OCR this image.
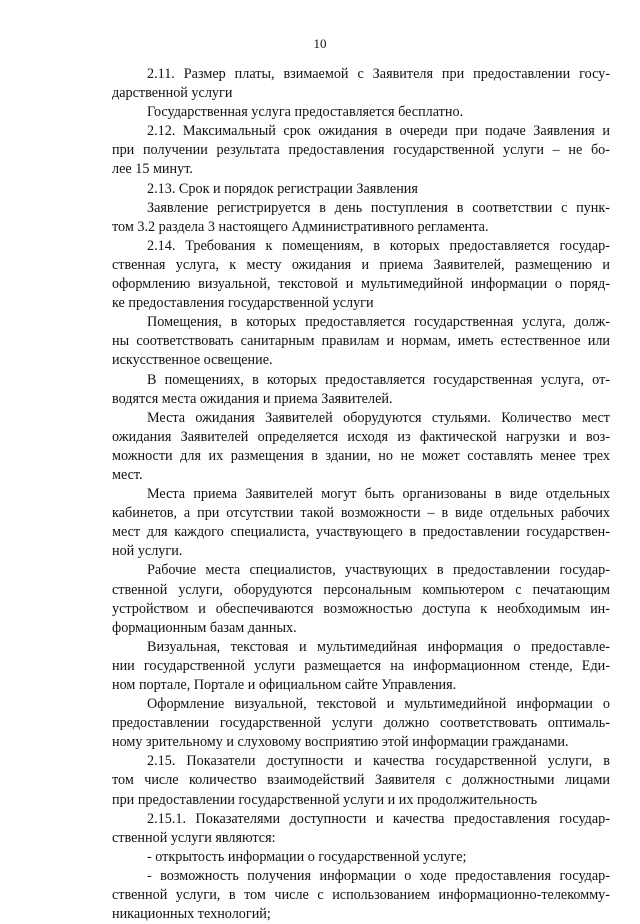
10
2.11. Размер платы, взимаемой с Заявителя при предоставлении госу-
дарственной услуги
Государственная услуга предоставляется бесплатно.
2.12. Максимальный срок ожидания в очереди при подаче Заявления и
при получении результата предоставления государственной услуги – не бо-
лее 15 минут.
2.13. Срок и порядок регистрации Заявления
Заявление регистрируется в день поступления в соответствии с пунк-
том 3.2 раздела 3 настоящего Административного регламента.
2.14. Требования к помещениям, в которых предоставляется государ-
ственная услуга, к месту ожидания и приема Заявителей, размещению и
оформлению визуальной, текстовой и мультимедийной информации о поряд-
ке предоставления государственной услуги
Помещения, в которых предоставляется государственная услуга, долж-
ны соответствовать санитарным правилам и нормам, иметь естественное или
искусственное освещение.
В помещениях, в которых предоставляется государственная услуга, от-
водятся места ожидания и приема Заявителей.
Места ожидания Заявителей оборудуются стульями. Количество мест
ожидания Заявителей определяется исходя из фактической нагрузки и воз-
можности для их размещения в здании, но не может составлять менее трех
мест.
Места приема Заявителей могут быть организованы в виде отдельных
кабинетов, а при отсутствии такой возможности – в виде отдельных рабочих
мест для каждого специалиста, участвующего в предоставлении государствен-
ной услуги.
Рабочие места специалистов, участвующих в предоставлении государ-
ственной услуги, оборудуются персональным компьютером с печатающим
устройством и обеспечиваются возможностью доступа к необходимым ин-
формационным базам данных.
Визуальная, текстовая и мультимедийная информация о предоставле-
нии государственной услуги размещается на информационном стенде, Еди-
ном портале, Портале и официальном сайте Управления.
Оформление визуальной, текстовой и мультимедийной информации о
предоставлении государственной услуги должно соответствовать оптималь-
ному зрительному и слуховому восприятию этой информации гражданами.
2.15. Показатели доступности и качества государственной услуги, в
том числе количество взаимодействий Заявителя с должностными лицами
при предоставлении государственной услуги и их продолжительность
2.15.1. Показателями доступности и качества предоставления государ-
ственной услуги являются:
- открытость информации о государственной услуге;
- возможность получения информации о ходе предоставления государ-
ственной услуги, в том числе с использованием информационно-телекомму-
никационных технологий;
